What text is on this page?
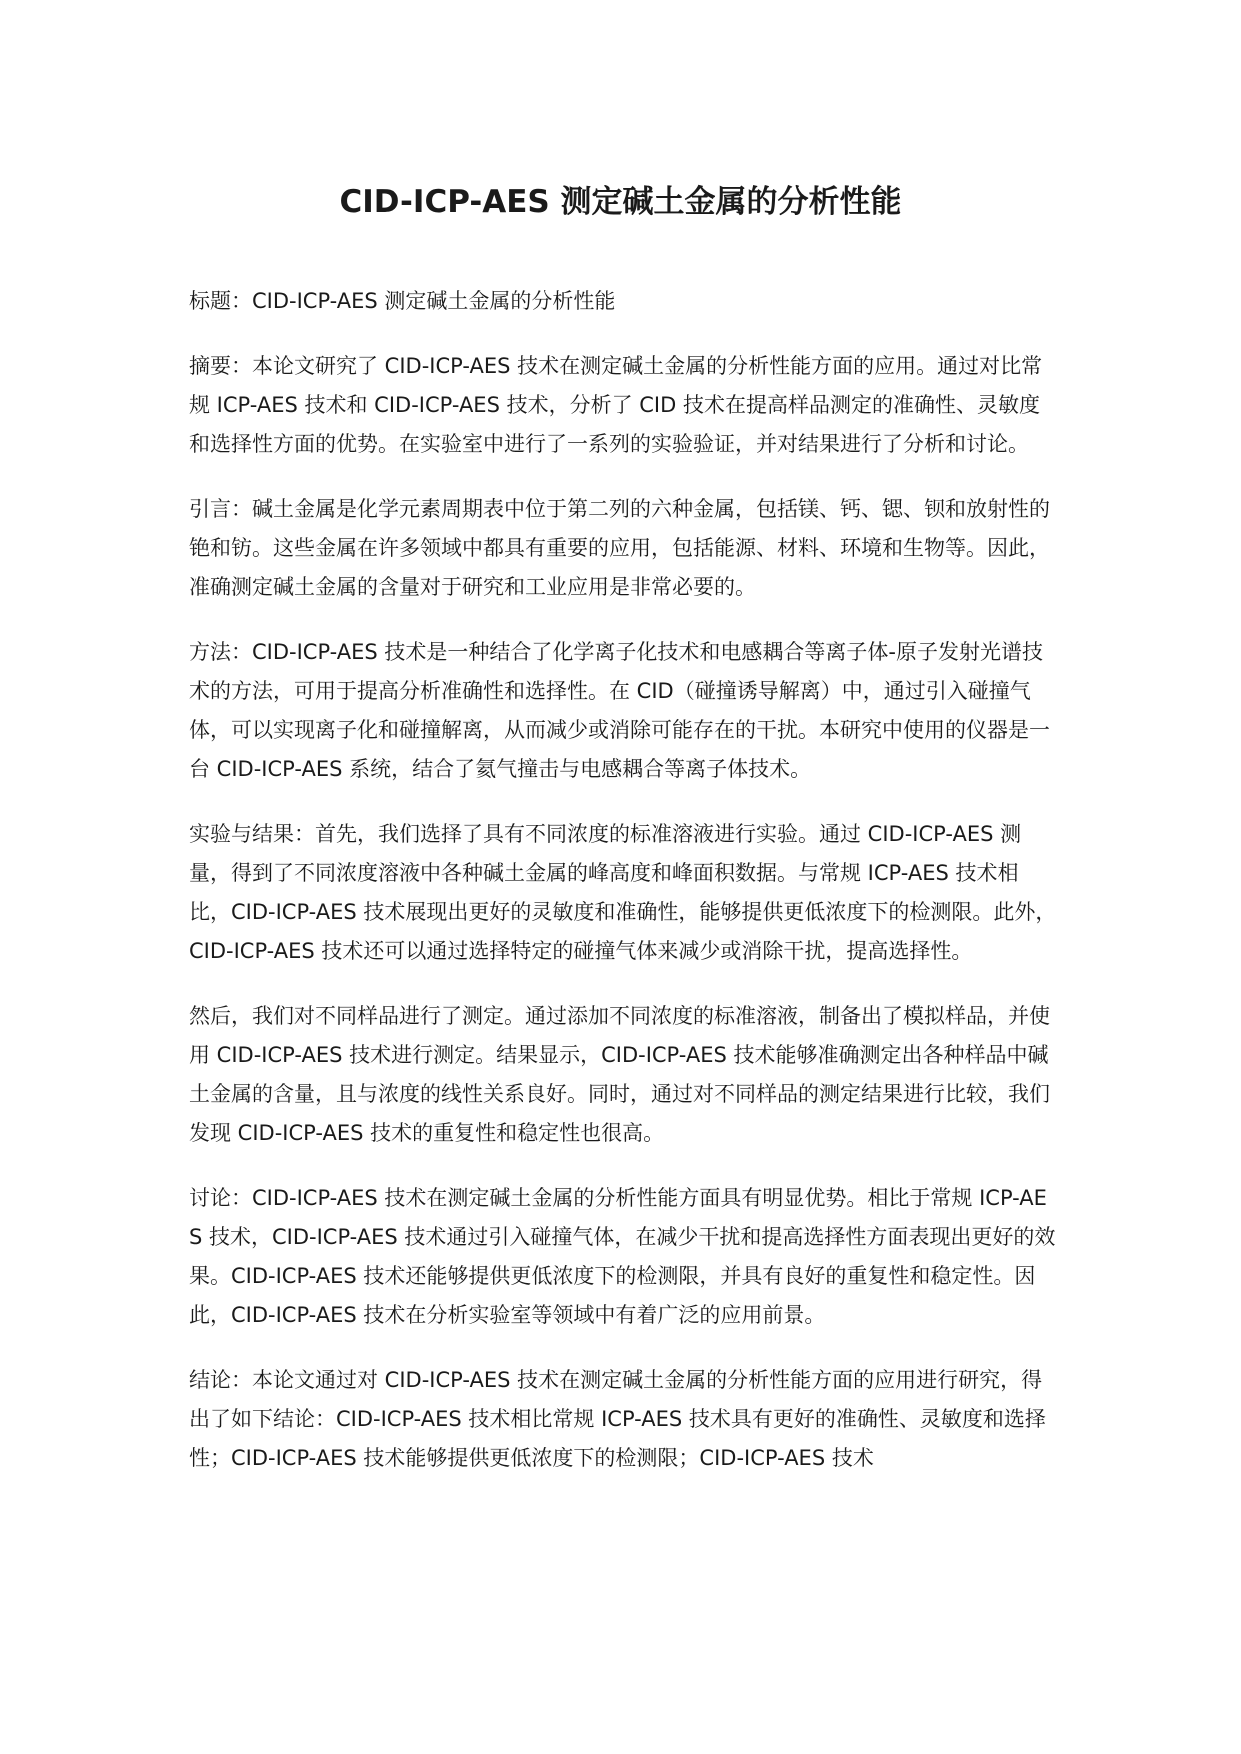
CID-ICP-AES 测定碱土金属的分析性能

标题：CID-ICP-AES 测定碱土金属的分析性能

摘要：本论文研究了 CID-ICP-AES 技术在测定碱土金属的分析性能方面的应用。通过对比常规 ICP-AES 技术和 CID-ICP-AES 技术，分析了 CID 技术在提高样品测定的准确性、灵敏度和选择性方面的优势。在实验室中进行了一系列的实验验证，并对结果进行了分析和讨论。

引言：碱土金属是化学元素周期表中位于第二列的六种金属，包括镁、钙、锶、钡和放射性的铯和钫。这些金属在许多领域中都具有重要的应用，包括能源、材料、环境和生物等。因此，准确测定碱土金属的含量对于研究和工业应用是非常必要的。

方法：CID-ICP-AES 技术是一种结合了化学离子化技术和电感耦合等离子体-原子发射光谱技术的方法，可用于提高分析准确性和选择性。在 CID（碰撞诱导解离）中，通过引入碰撞气体，可以实现离子化和碰撞解离，从而减少或消除可能存在的干扰。本研究中使用的仪器是一台 CID-ICP-AES 系统，结合了氦气撞击与电感耦合等离子体技术。

实验与结果：首先，我们选择了具有不同浓度的标准溶液进行实验。通过 CID-ICP-AES 测量，得到了不同浓度溶液中各种碱土金属的峰高度和峰面积数据。与常规 ICP-AES 技术相比，CID-ICP-AES 技术展现出更好的灵敏度和准确性，能够提供更低浓度下的检测限。此外，CID-ICP-AES 技术还可以通过选择特定的碰撞气体来减少或消除干扰，提高选择性。

然后，我们对不同样品进行了测定。通过添加不同浓度的标准溶液，制备出了模拟样品，并使用 CID-ICP-AES 技术进行测定。结果显示，CID-ICP-AES 技术能够准确测定出各种样品中碱土金属的含量，且与浓度的线性关系良好。同时，通过对不同样品的测定结果进行比较，我们发现 CID-ICP-AES 技术的重复性和稳定性也很高。

讨论：CID-ICP-AES 技术在测定碱土金属的分析性能方面具有明显优势。相比于常规 ICP-AES 技术，CID-ICP-AES 技术通过引入碰撞气体，在减少干扰和提高选择性方面表现出更好的效果。CID-ICP-AES 技术还能够提供更低浓度下的检测限，并具有良好的重复性和稳定性。因此，CID-ICP-AES 技术在分析实验室等领域中有着广泛的应用前景。

结论：本论文通过对 CID-ICP-AES 技术在测定碱土金属的分析性能方面的应用进行研究，得出了如下结论：CID-ICP-AES 技术相比常规 ICP-AES 技术具有更好的准确性、灵敏度和选择性；CID-ICP-AES 技术能够提供更低浓度下的检测限；CID-ICP-AES 技术
